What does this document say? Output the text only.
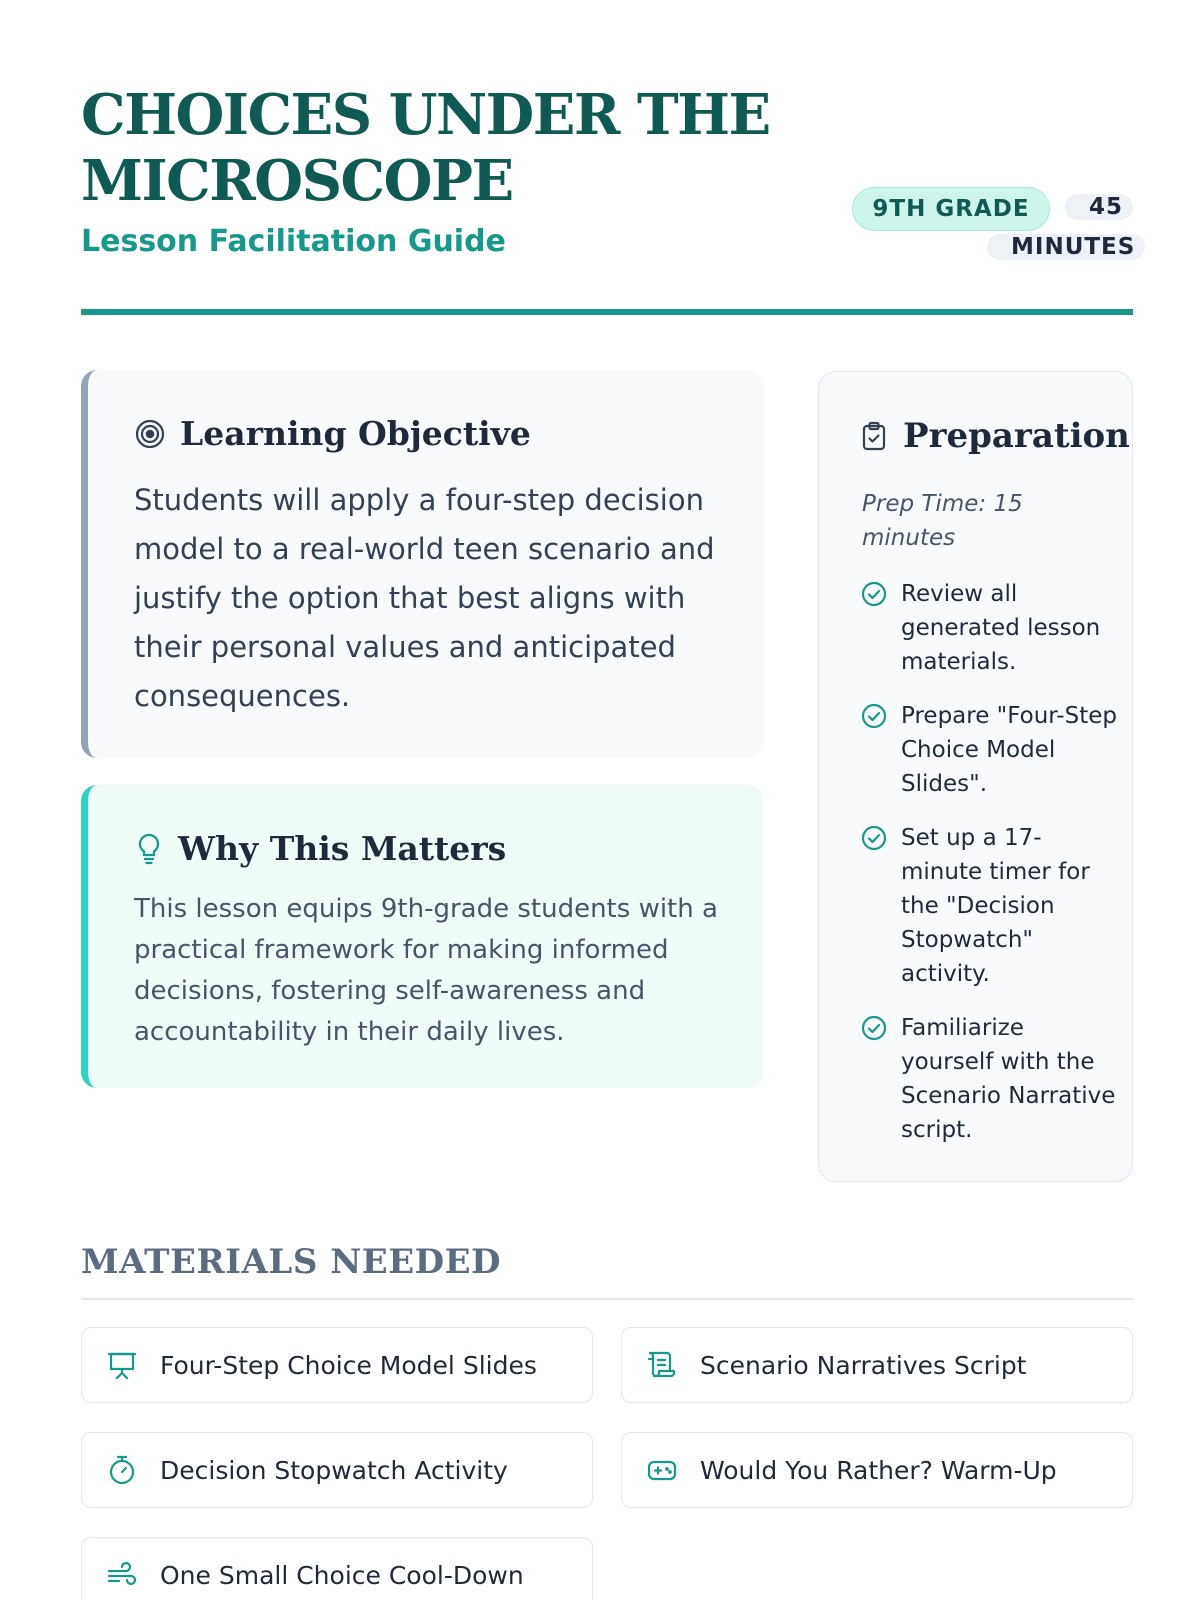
CHOICES UNDER THE MICROSCOPE
Lesson Facilitation Guide
9TH GRADE	45 MINUTES
Learning Objective

Students will apply a four-step decision model to a real-world teen scenario and justify the option that best aligns with their personal values and anticipated consequences.

Why This Matters

This lesson equips 9th-grade students with a practical framework for making informed decisions, fostering self-awareness and accountability in their daily lives.

Preparation

Prep Time: 15 minutes

Review all generated lesson materials.
Prepare "Four-Step Choice Model Slides".
Set up a 17-minute timer for the "Decision Stopwatch" activity.
Familiarize yourself with the Scenario Narrative script.
MATERIALS NEEDED
Four-Step Choice Model Slides	Scenario Narratives Script
Decision Stopwatch Activity	Would You Rather? Warm-Up
One Small Choice Cool-Down
